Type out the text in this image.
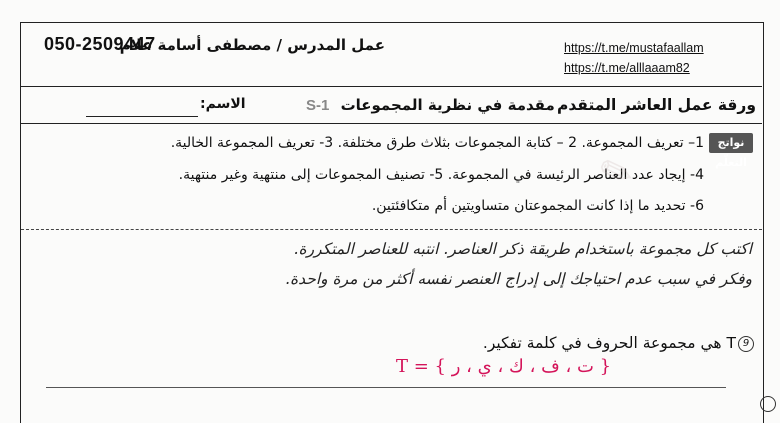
https://t.me/mustafaallam
https://t.me/alllaaam82
عمل المدرس / مصطفى أسامة علام
050-2509447
ورقة عمل العاشر المتقدم
مقدمة في نظرية المجموعات S-1
الاسم:
نواتج التعلّم
1– تعريف المجموعة. 2 – كتابة المجموعات بثلاث طرق مختلفة. 3- تعريف المجموعة الخالية.
4- إيجاد عدد العناصر الرئيسة في المجموعة. 5- تصنيف المجموعات إلى منتهية وغير منتهية.
6- تحديد ما إذا كانت المجموعتان متساويتين أم متكافئتين.
اكتب كل مجموعة باستخدام طريقة ذكر العناصر. انتبه للعناصر المتكررة.
وفكر في سبب عدم احتياجك إلى إدراج العنصر نفسه أكثر من مرة واحدة.
✎
9
T هي مجموعة الحروف في كلمة تفكير.
T = { ت ، ف ، ك ، ي ، ر }
